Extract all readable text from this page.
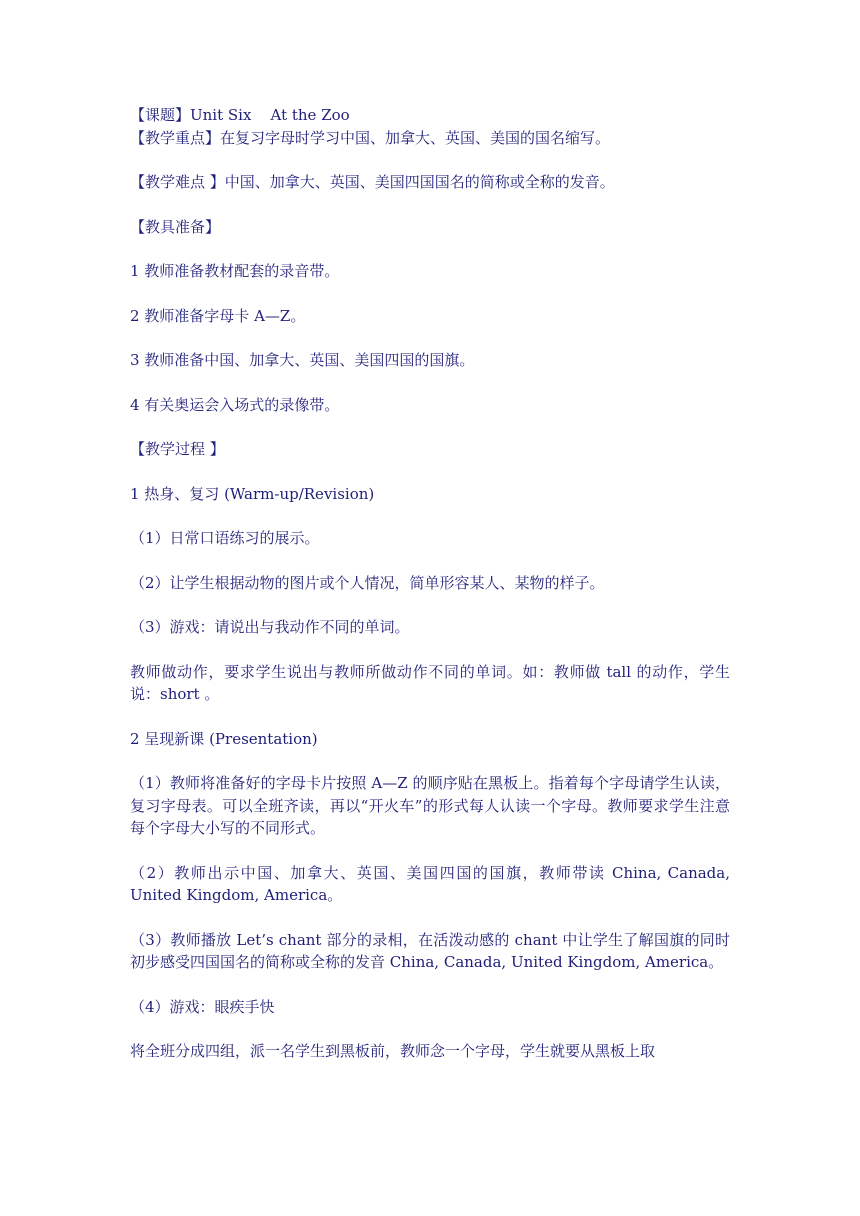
【课题】Unit Six    At the Zoo

【教学重点】在复习字母时学习中国、加拿大、英国、美国的国名缩写。

【教学难点 】中国、加拿大、英国、美国四国国名的简称或全称的发音。

【教具准备】

1 教师准备教材配套的录音带。

2 教师准备字母卡 A—Z。

3 教师准备中国、加拿大、英国、美国四国的国旗。

4 有关奥运会入场式的录像带。

【教学过程 】

1 热身、复习 (Warm-up/Revision)

（1）日常口语练习的展示。

（2）让学生根据动物的图片或个人情况，简单形容某人、某物的样子。

（3）游戏：请说出与我动作不同的单词。

教师做动作，要求学生说出与教师所做动作不同的单词。如：教师做 tall 的动作，学生说：short 。

2 呈现新课 (Presentation)

（1）教师将准备好的字母卡片按照 A—Z 的顺序贴在黑板上。指着每个字母请学生认读，复习字母表。可以全班齐读，再以“开火车”的形式每人认读一个字母。教师要求学生注意每个字母大小写的不同形式。

（2）教师出示中国、加拿大、英国、美国四国的国旗，教师带读 China, Canada, United Kingdom, America。

（3）教师播放 Let’s chant 部分的录相，在活泼动感的 chant 中让学生了解国旗的同时初步感受四国国名的简称或全称的发音 China, Canada, United Kingdom, America。

（4）游戏：眼疾手快

将全班分成四组，派一名学生到黑板前，教师念一个字母，学生就要从黑板上取
